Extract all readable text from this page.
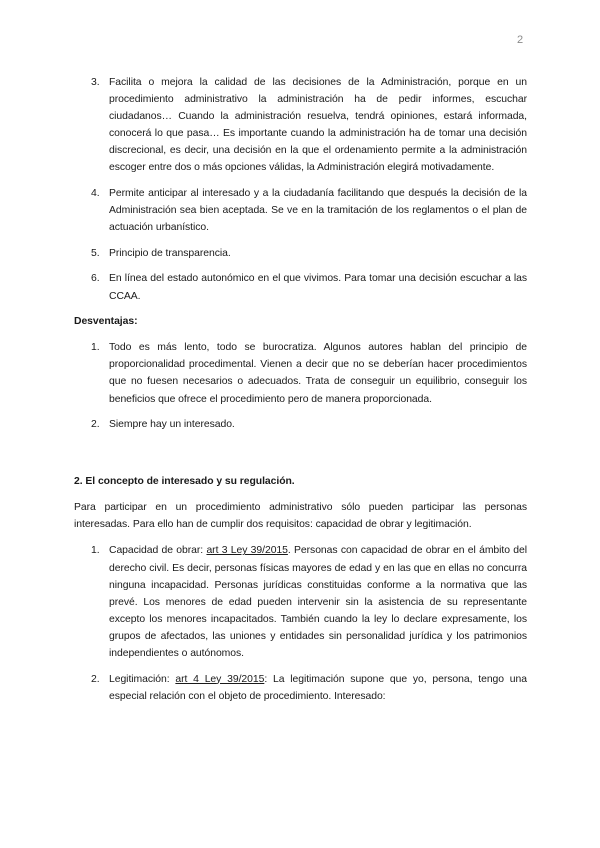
2
3. Facilita o mejora la calidad de las decisiones de la Administración, porque en un procedimiento administrativo la administración ha de pedir informes, escuchar ciudadanos… Cuando la administración resuelva, tendrá opiniones, estará informada, conocerá lo que pasa… Es importante cuando la administración ha de tomar una decisión discrecional, es decir, una decisión en la que el ordenamiento permite a la administración escoger entre dos o más opciones válidas, la Administración elegirá motivadamente.
4. Permite anticipar al interesado y a la ciudadanía facilitando que después la decisión de la Administración sea bien aceptada. Se ve en la tramitación de los reglamentos o el plan de actuación urbanístico.
5. Principio de transparencia.
6. En línea del estado autonómico en el que vivimos. Para tomar una decisión escuchar a las CCAA.
Desventajas:
1. Todo es más lento, todo se burocratiza. Algunos autores hablan del principio de proporcionalidad procedimental. Vienen a decir que no se deberían hacer procedimientos que no fuesen necesarios o adecuados. Trata de conseguir un equilibrio, conseguir los beneficios que ofrece el procedimiento pero de manera proporcionada.
2. Siempre hay un interesado.
2. El concepto de interesado y su regulación.
Para participar en un procedimiento administrativo sólo pueden participar las personas interesadas. Para ello han de cumplir dos requisitos: capacidad de obrar y legitimación.
1. Capacidad de obrar: art 3 Ley 39/2015. Personas con capacidad de obrar en el ámbito del derecho civil. Es decir, personas físicas mayores de edad y en las que en ellas no concurra ninguna incapacidad. Personas jurídicas constituidas conforme a la normativa que las prevé. Los menores de edad pueden intervenir sin la asistencia de su representante excepto los menores incapacitados. También cuando la ley lo declare expresamente, los grupos de afectados, las uniones y entidades sin personalidad jurídica y los patrimonios independientes o autónomos.
2. Legitimación: art 4 Ley 39/2015: La legitimación supone que yo, persona, tengo una especial relación con el objeto de procedimiento. Interesado:
